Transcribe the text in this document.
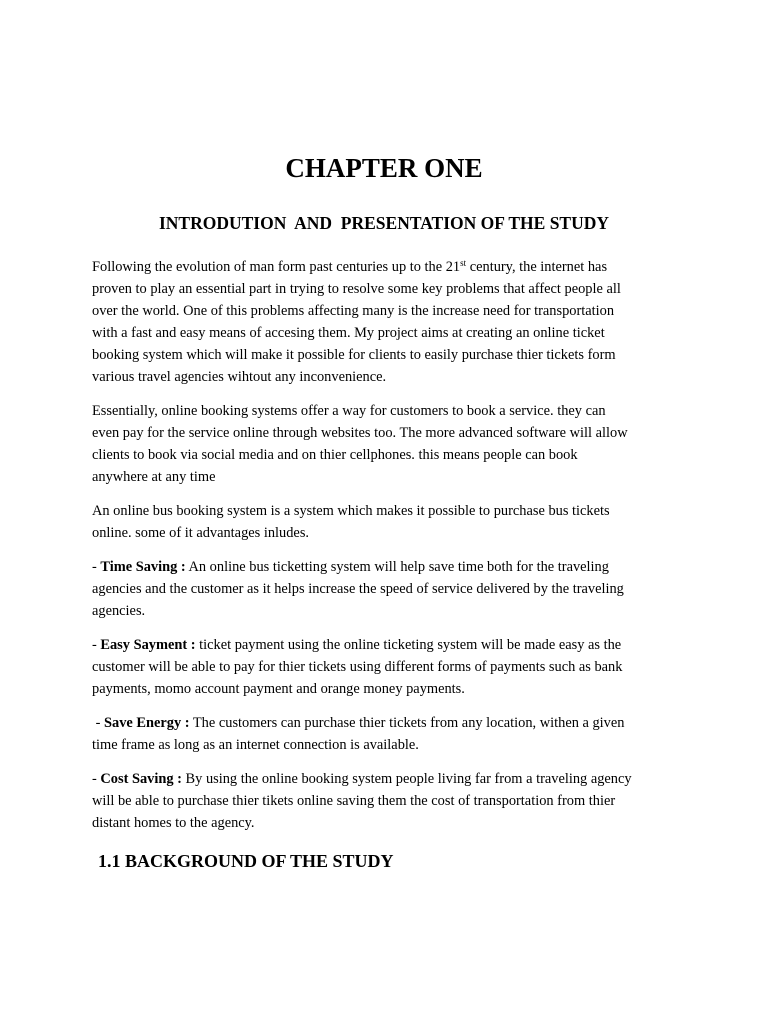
CHAPTER ONE
INTRODUTION  AND  PRESENTATION OF THE STUDY

Following the evolution of man form past centuries up to the 21st century, the internet has
proven to play an essential part in trying to resolve some key problems that affect people all
over the world. One of this problems affecting many is the increase need for transportation
with a fast and easy means of accesing them. My project aims at creating an online ticket
booking system which will make it possible for clients to easily purchase thier tickets form
various travel agencies wihtout any inconvenience.

Essentially, online booking systems offer a way for customers to book a service. they can
even pay for the service online through websites too. The more advanced software will allow
clients to book via social media and on thier cellphones. this means people can book
anywhere at any time

An online bus booking system is a system which makes it possible to purchase bus tickets
online. some of it advantages inludes.

- Time Saving : An online bus ticketting system will help save time both for the traveling
agencies and the customer as it helps increase the speed of service delivered by the traveling
agencies.

- Easy Sayment : ticket payment using the online ticketing system will be made easy as the
customer will be able to pay for thier tickets using different forms of payments such as bank
payments, momo account payment and orange money payments.

- Save Energy : The customers can purchase thier tickets from any location, withen a given
time frame as long as an internet connection is available.

- Cost Saving : By using the online booking system people living far from a traveling agency
will be able to purchase thier tikets online saving them the cost of transportation from thier
distant homes to the agency.

1.1 BACKGROUND OF THE STUDY
